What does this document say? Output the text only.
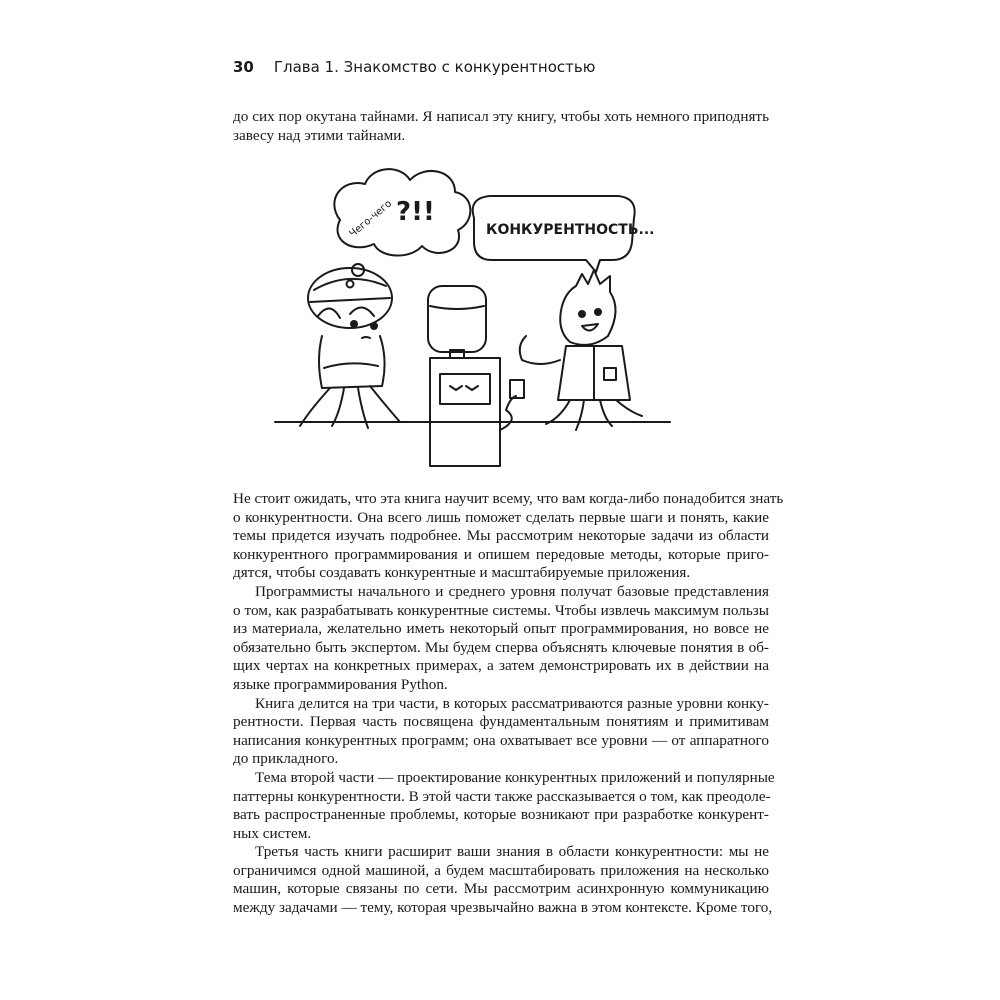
30 Глава 1. Знакомство с конкурентностью
до сих пор окутана тайнами. Я написал эту книгу, чтобы хоть немного приподнять
завесу над этими тайнами.
Чего-чего ?!!
КОНКУРЕНТНОСТЬ...
Не стоит ожидать, что эта книга научит всему, что вам когда-либо понадобится знать
о конкурентности. Она всего лишь поможет сделать первые шаги и понять, какие
темы придется изучать подробнее. Мы рассмотрим некоторые задачи из области
конкурентного программирования и опишем передовые методы, которые приго-
дятся, чтобы создавать конкурентные и масштабируемые приложения.
Программисты начального и среднего уровня получат базовые представления
о том, как разрабатывать конкурентные системы. Чтобы извлечь максимум пользы
из материала, желательно иметь некоторый опыт программирования, но вовсе не
обязательно быть экспертом. Мы будем сперва объяснять ключевые понятия в об-
щих чертах на конкретных примерах, а затем демонстрировать их в действии на
языке программирования Python.
Книга делится на три части, в которых рассматриваются разные уровни конку-
рентности. Первая часть посвящена фундаментальным понятиям и примитивам
написания конкурентных программ; она охватывает все уровни — от аппаратного
до прикладного.
Тема второй части — проектирование конкурентных приложений и популярные
паттерны конкурентности. В этой части также рассказывается о том, как преодоле-
вать распространенные проблемы, которые возникают при разработке конкурент-
ных систем.
Третья часть книги расширит ваши знания в области конкурентности: мы не
ограничимся одной машиной, а будем масштабировать приложения на несколько
машин, которые связаны по сети. Мы рассмотрим асинхронную коммуникацию
между задачами — тему, которая чрезвычайно важна в этом контексте. Кроме того,
